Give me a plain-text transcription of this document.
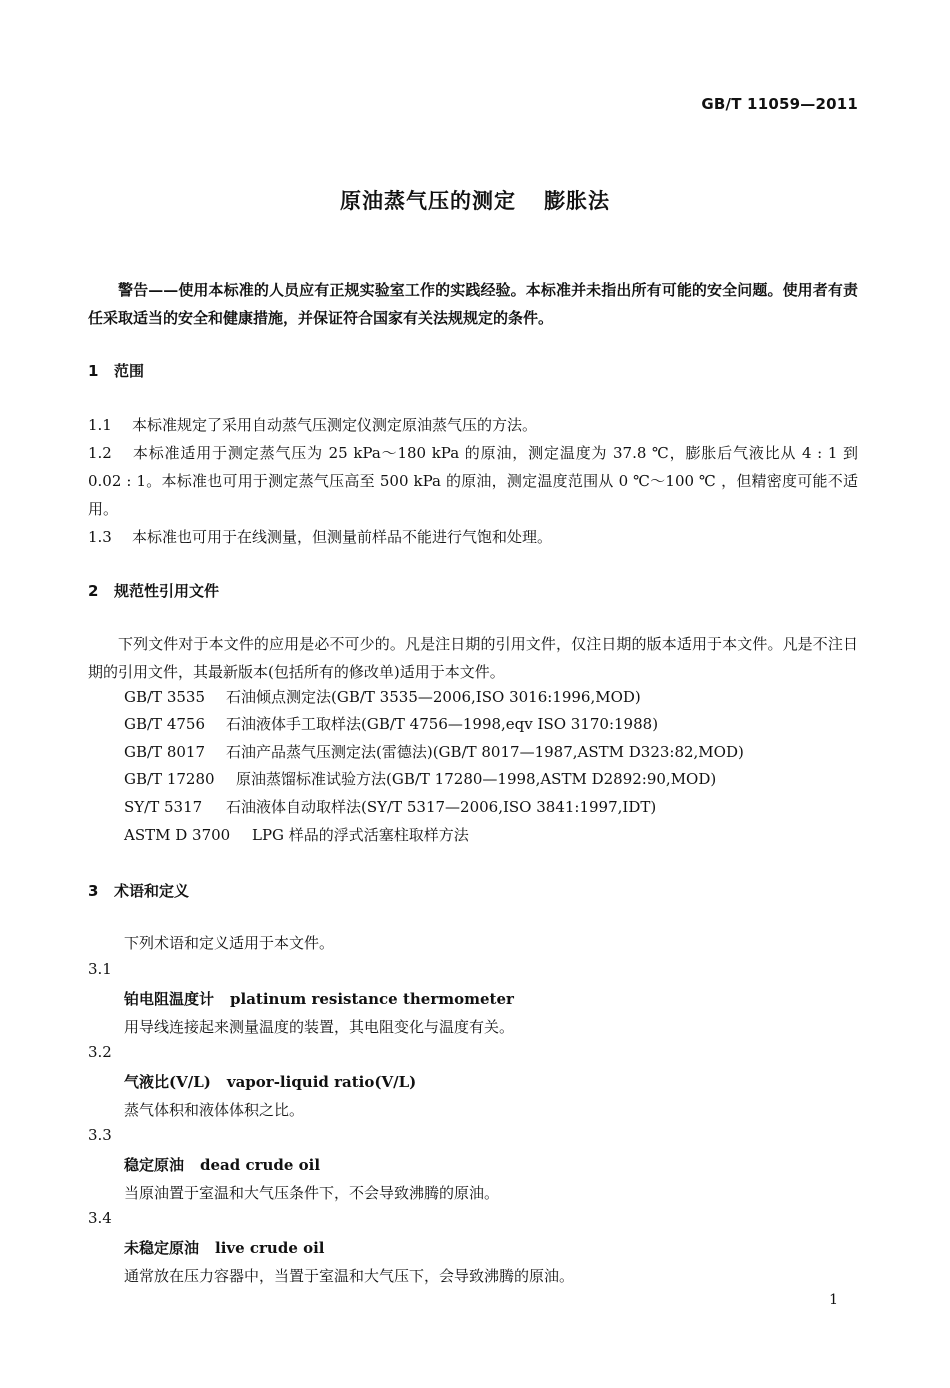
GB/T 11059—2011
原油蒸气压的测定 膨胀法
警告——使用本标准的人员应有正规实验室工作的实践经验。本标准并未指出所有可能的安全问题。使用者有责任采取适当的安全和健康措施，并保证符合国家有关法规规定的条件。
1 范围
1.1 本标准规定了采用自动蒸气压测定仪测定原油蒸气压的方法。
1.2 本标准适用于测定蒸气压为 25 kPa～180 kPa 的原油，测定温度为 37.8 ℃，膨胀后气液比从 4 : 1 到 0.02 : 1。本标准也可用于测定蒸气压高至 500 kPa 的原油，测定温度范围从 0 ℃～100 ℃ ，但精密度可能不适用。
1.3 本标准也可用于在线测量，但测量前样品不能进行气饱和处理。
2 规范性引用文件
下列文件对于本文件的应用是必不可少的。凡是注日期的引用文件，仅注日期的版本适用于本文件。凡是不注日期的引用文件，其最新版本(包括所有的修改单)适用于本文件。
GB/T 3535 石油倾点测定法(GB/T 3535—2006,ISO 3016:1996,MOD)
GB/T 4756 石油液体手工取样法(GB/T 4756—1998,eqv ISO 3170:1988)
GB/T 8017 石油产品蒸气压测定法(雷德法)(GB/T 8017—1987,ASTM D323:82,MOD)
GB/T 17280 原油蒸馏标准试验方法(GB/T 17280—1998,ASTM D2892:90,MOD)
SY/T 5317 石油液体自动取样法(SY/T 5317—2006,ISO 3841:1997,IDT)
ASTM D 3700 LPG 样品的浮式活塞柱取样方法
3 术语和定义
下列术语和定义适用于本文件。
3.1
铂电阻温度计 platinum resistance thermometer
用导线连接起来测量温度的装置，其电阻变化与温度有关。
3.2
气液比(V/L) vapor-liquid ratio(V/L)
蒸气体积和液体体积之比。
3.3
稳定原油 dead crude oil
当原油置于室温和大气压条件下，不会导致沸腾的原油。
3.4
未稳定原油 live crude oil
通常放在压力容器中，当置于室温和大气压下，会导致沸腾的原油。
1
